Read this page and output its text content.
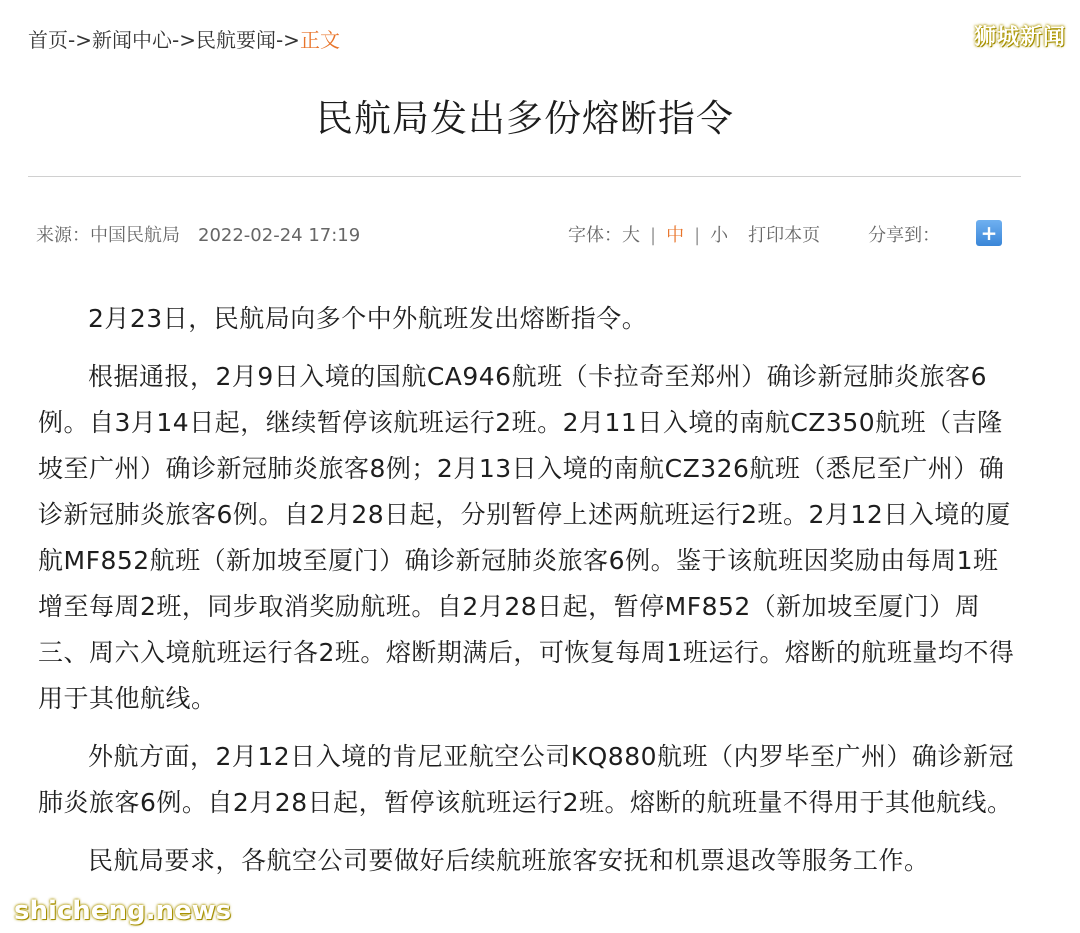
首页->新闻中心->民航要闻->正文	狮城新闻
民航局发出多份熔断指令
来源：中国民航局 2022-02-24 17:19	字体：大 | 中 | 小 打印本页	分享到： +

2月23日，民航局向多个中外航班发出熔断指令。

根据通报，2月9日入境的国航CA946航班（卡拉奇至郑州）确诊新冠肺炎旅客6例。自3月14日起，继续暂停该航班运行2班。2月11日入境的南航CZ350航班（吉隆坡至广州）确诊新冠肺炎旅客8例；2月13日入境的南航CZ326航班（悉尼至广州）确诊新冠肺炎旅客6例。自2月28日起，分别暂停上述两航班运行2班。2月12日入境的厦航MF852航班（新加坡至厦门）确诊新冠肺炎旅客6例。鉴于该航班因奖励由每周1班增至每周2班，同步取消奖励航班。自2月28日起，暂停MF852（新加坡至厦门）周三、周六入境航班运行各2班。熔断期满后，可恢复每周1班运行。熔断的航班量均不得用于其他航线。

外航方面，2月12日入境的肯尼亚航空公司KQ880航班（内罗毕至广州）确诊新冠肺炎旅客6例。自2月28日起，暂停该航班运行2班。熔断的航班量不得用于其他航线。

民航局要求，各航空公司要做好后续航班旅客安抚和机票退改等服务工作。

shicheng.news
